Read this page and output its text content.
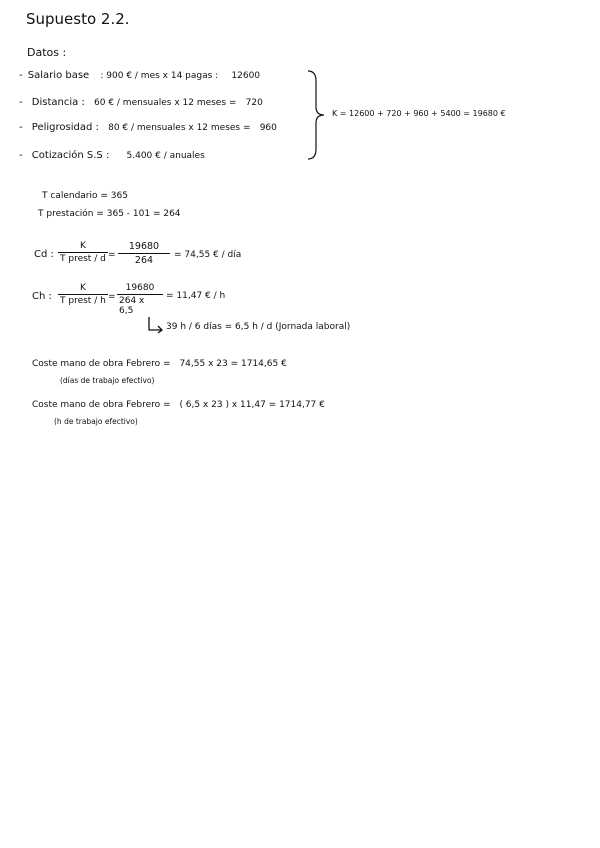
Supuesto 2.2.
Datos :
- Salario base : 900 € / mes x 14 pagas : 12600
- Distancia : 60 € / mensuales x 12 meses = 720
- Peligrosidad : 80 € / mensuales x 12 meses = 960
- Cotización S.S : 5.400 € / anuales
K = 12600 + 720 + 960 + 5400 = 19680 €
T calendario = 365
T prestación = 365 - 101 = 264
Cd :
K
T prest / d =
19680
264 = 74,55 € / día
Ch :
K
T prest / h =
19680
264 x 6,5
= 11,47 € / h
39 h / 6 días = 6,5 h / d (Jornada laboral)
Coste mano de obra Febrero = 74,55 x 23 = 1714,65 €
(días de trabajo efectivo)
Coste mano de obra Febrero = ( 6,5 x 23 ) x 11,47 = 1714,77 €
(h de trabajo efectivo)
